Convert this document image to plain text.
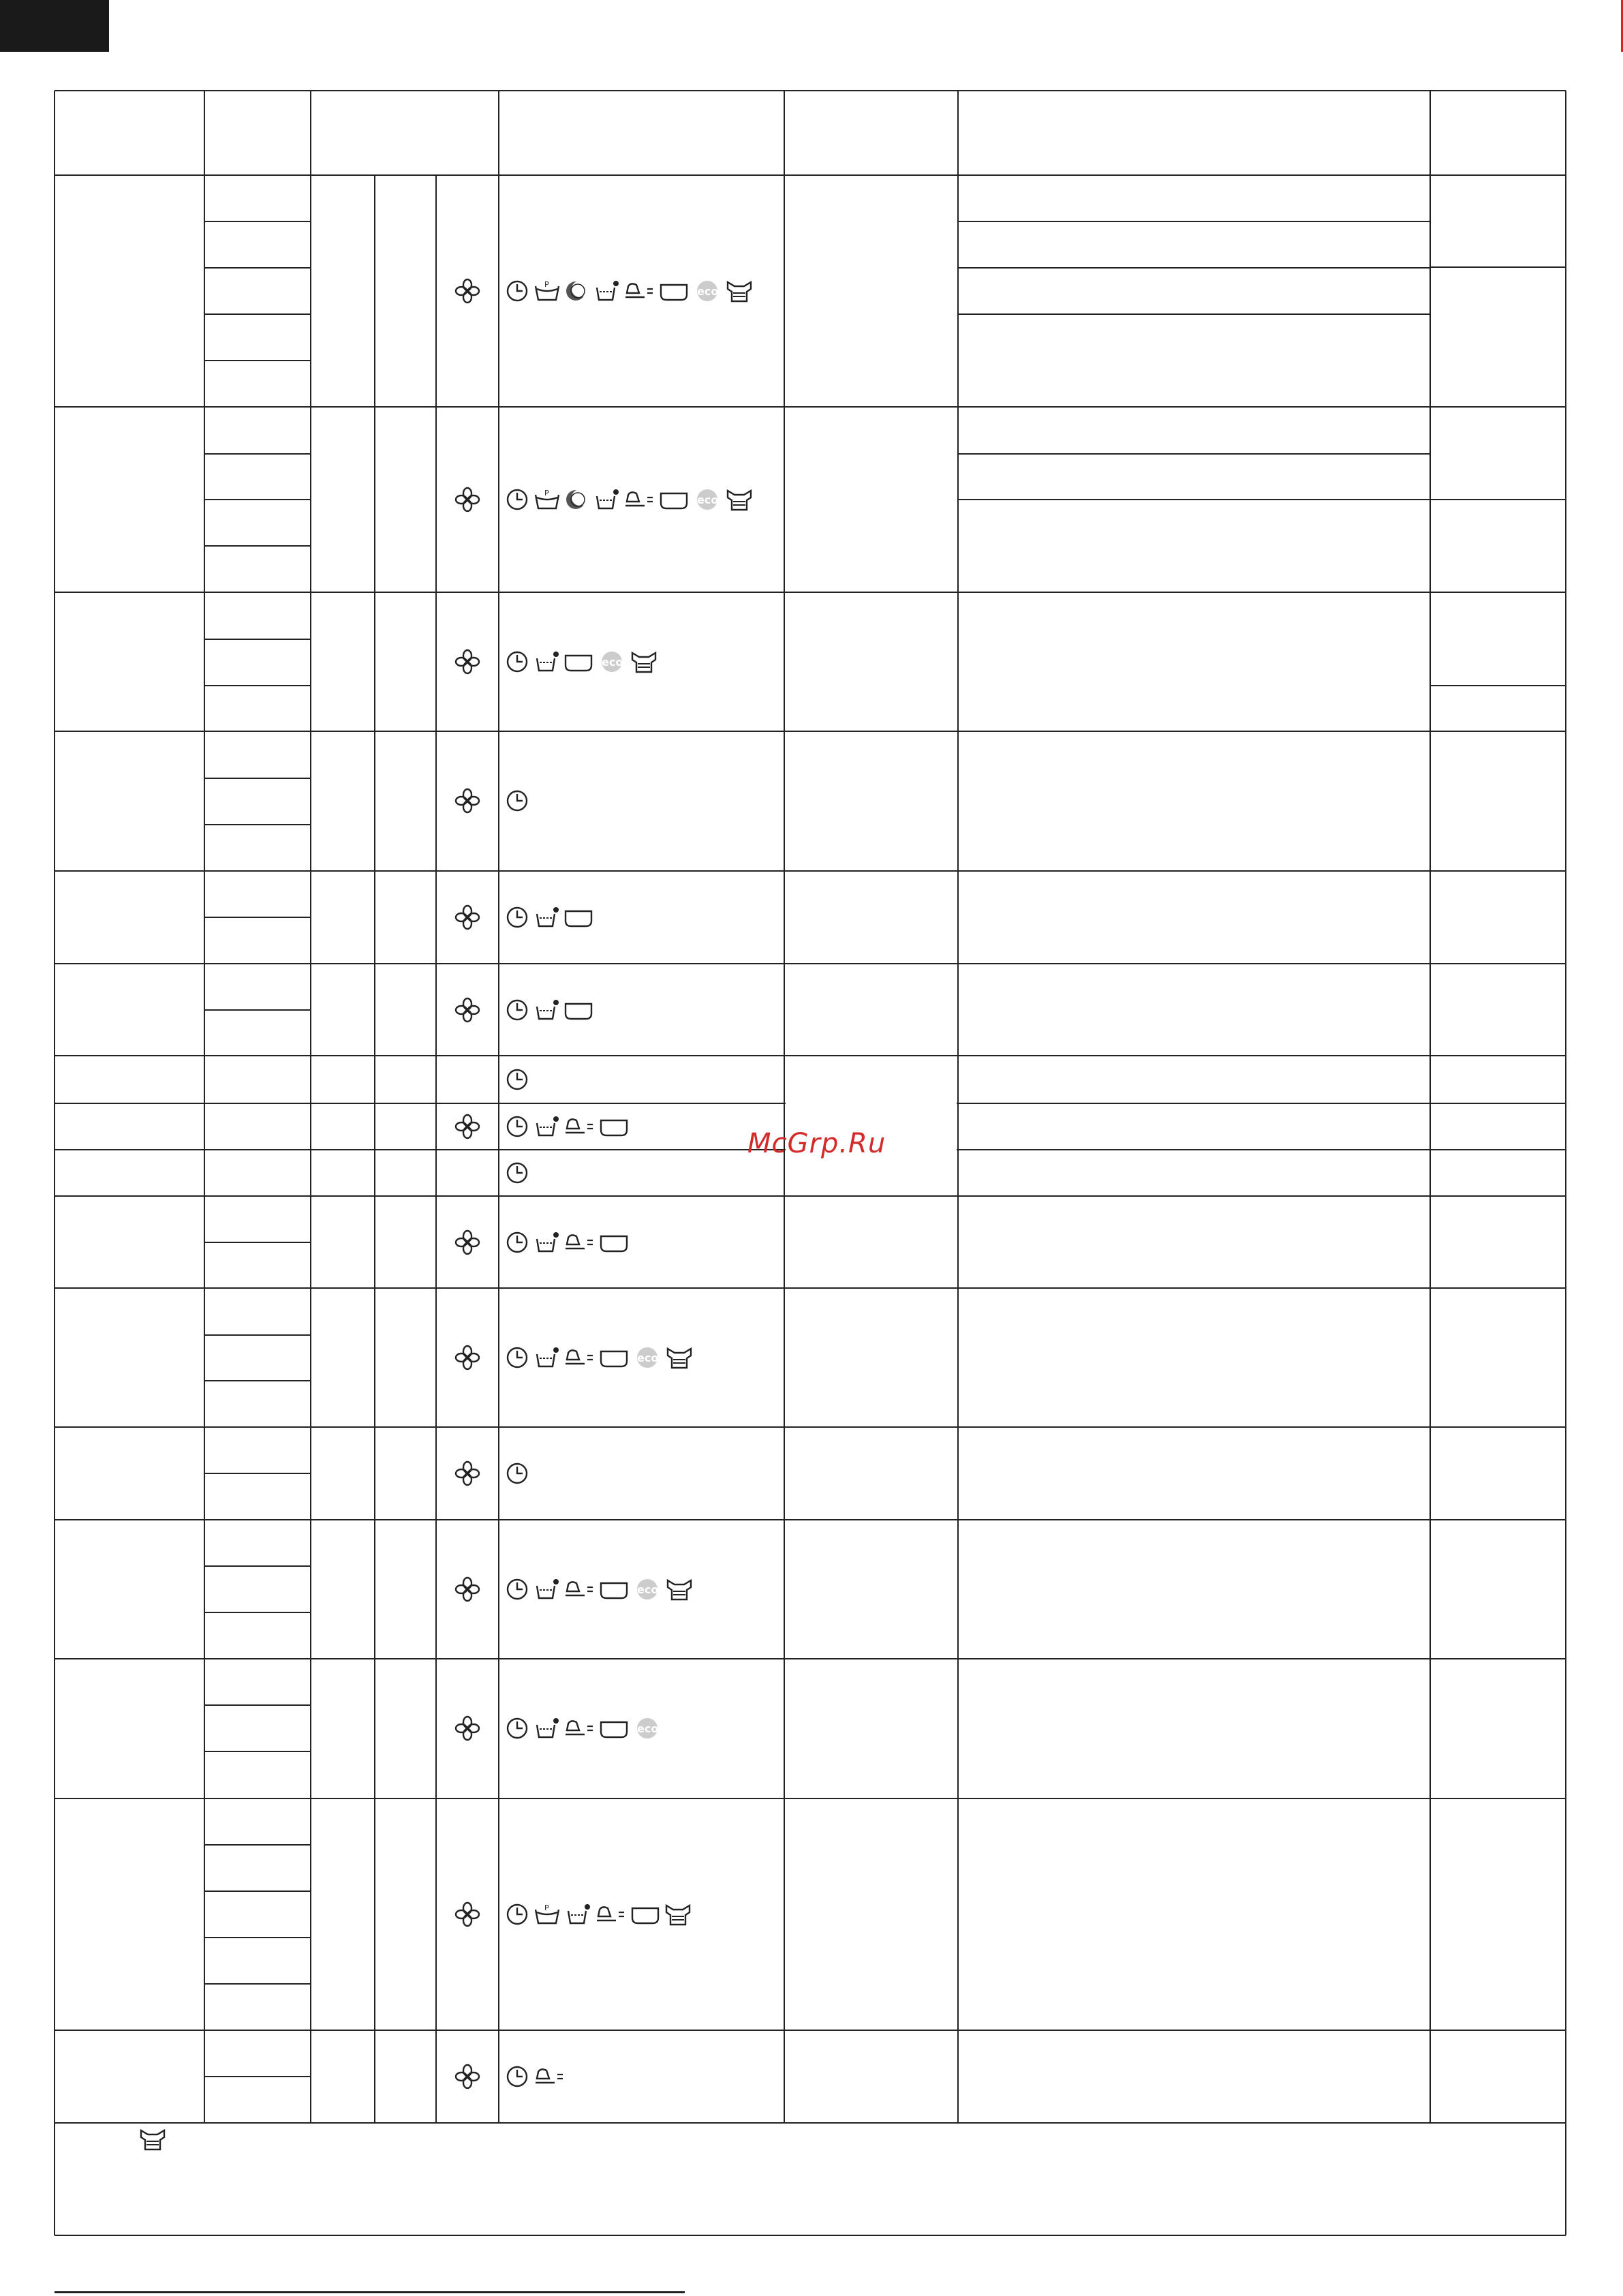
McGrp.Ru
P
eco
P
eco
eco
eco
eco
eco
P
